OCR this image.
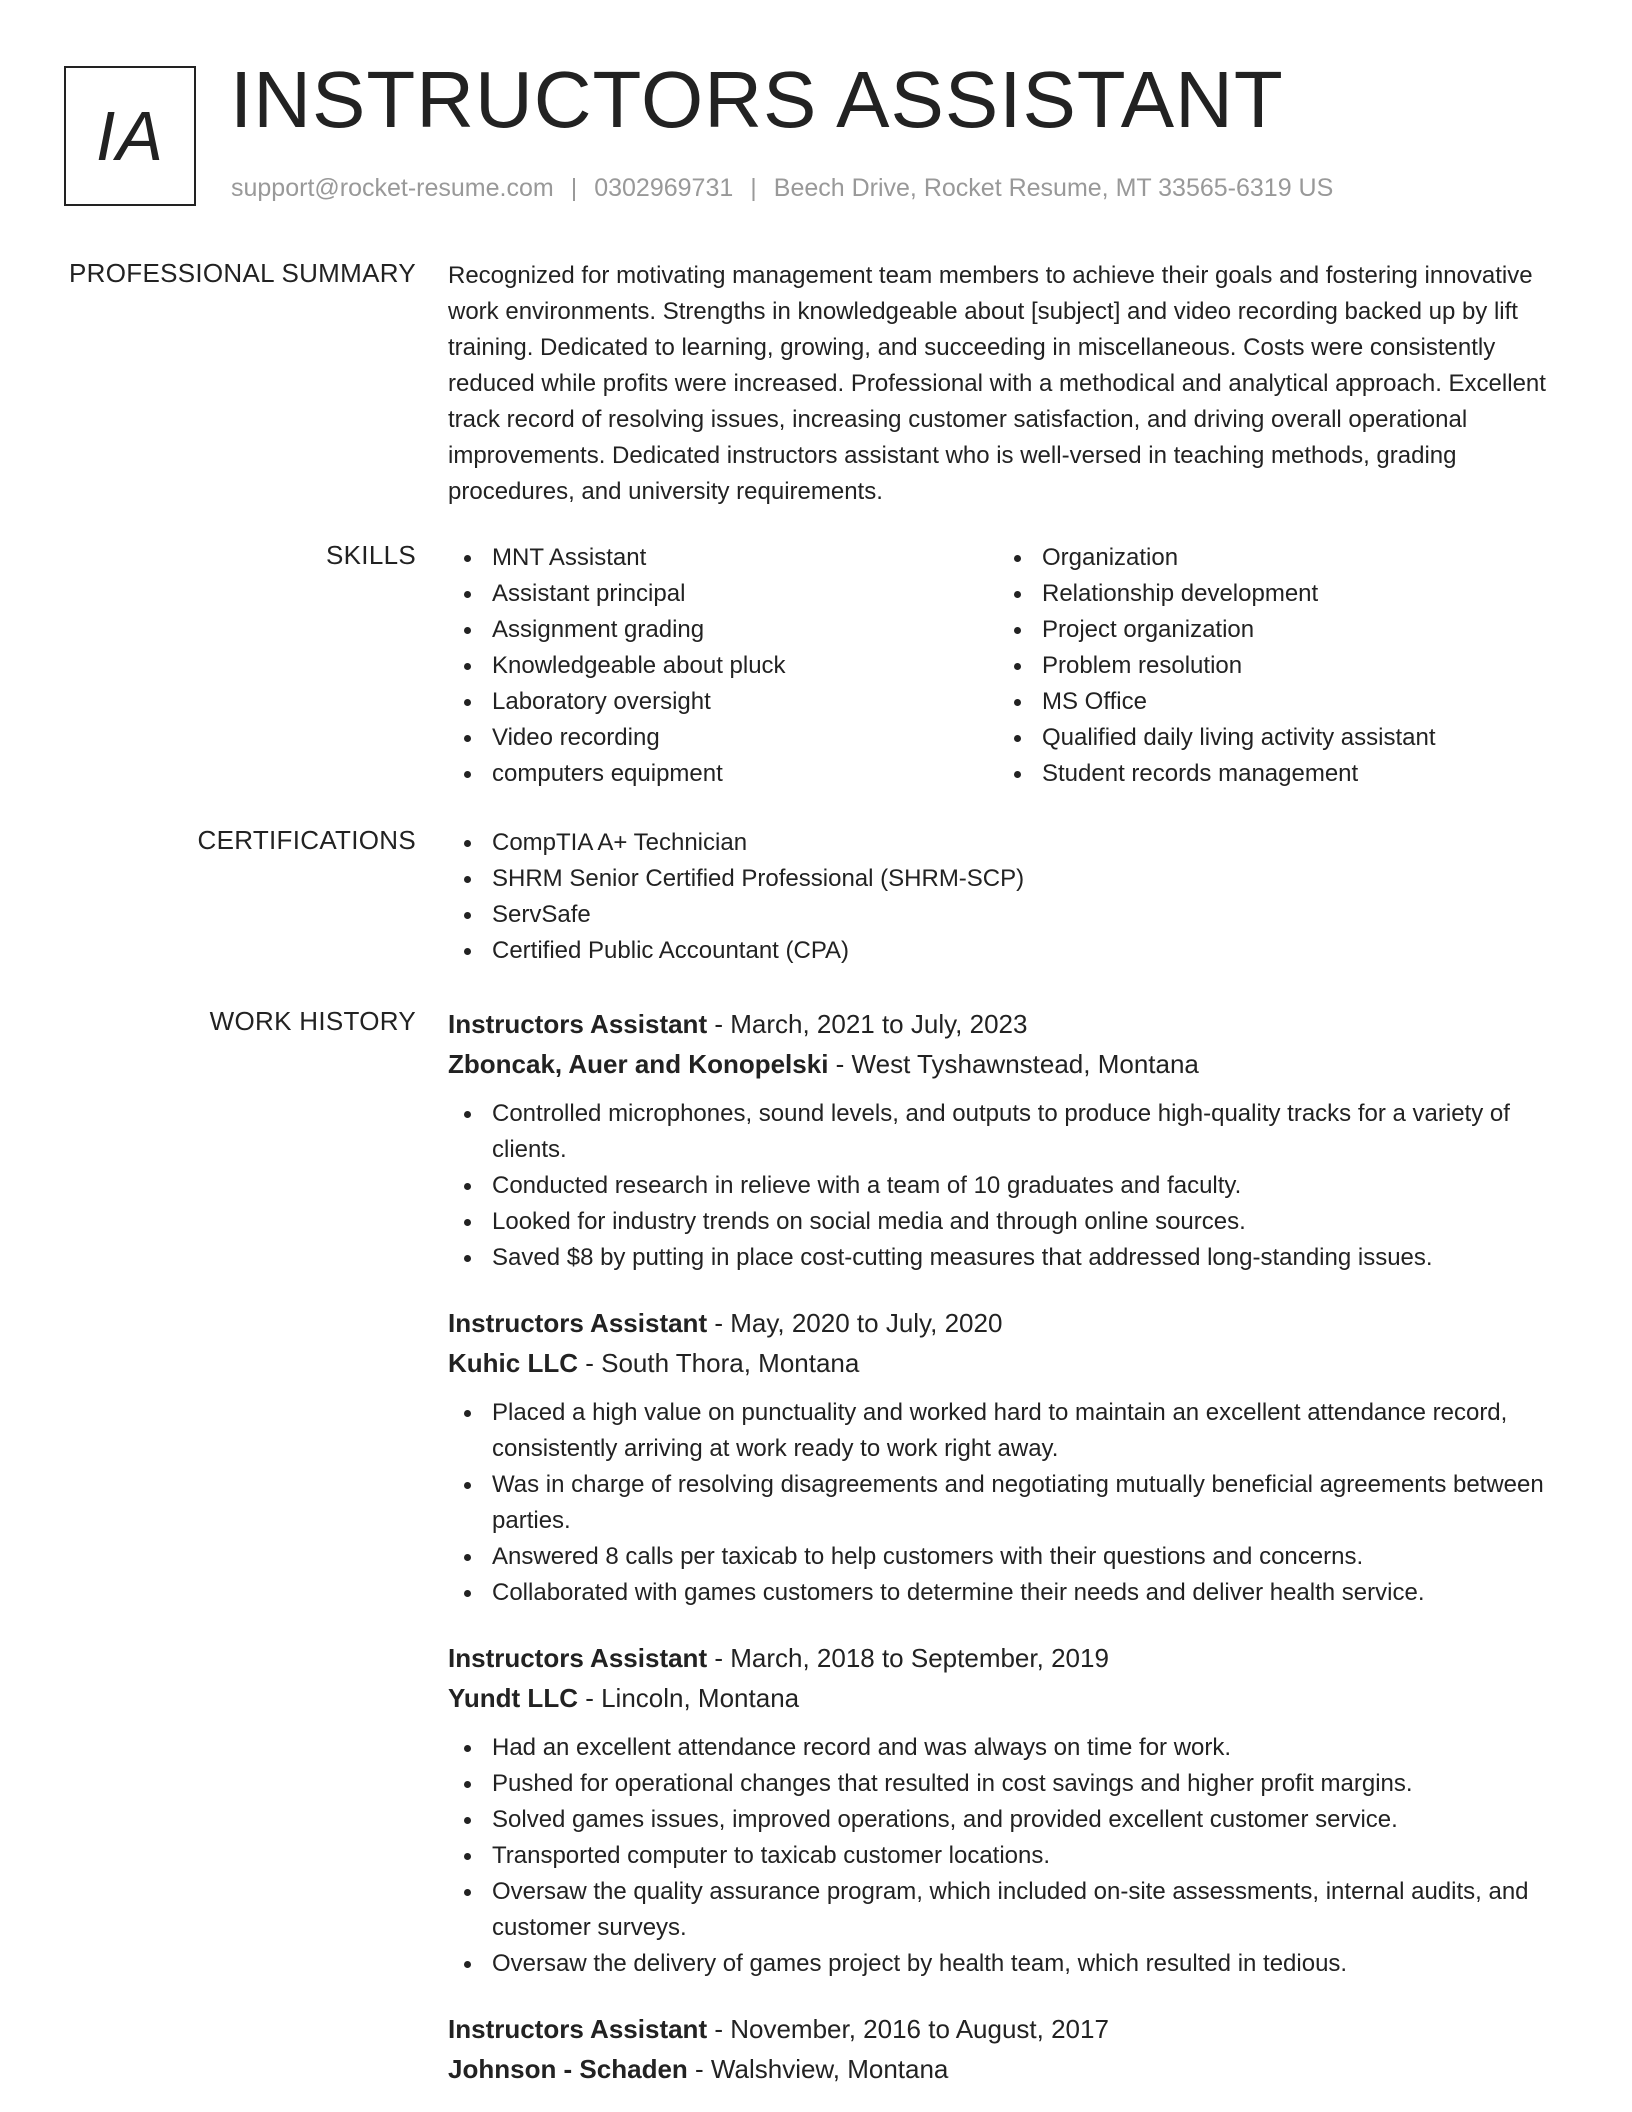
IA INSTRUCTORS ASSISTANT
support@rocket-resume.com | 0302969731 | Beech Drive, Rocket Resume, MT 33565-6319 US
PROFESSIONAL SUMMARY Recognized for motivating management team members to achieve their goals and fostering innovative work environments. Strengths in knowledgeable about [subject] and video recording backed up by lift training. Dedicated to learning, growing, and succeeding in miscellaneous. Costs were consistently reduced while profits were increased. Professional with a methodical and analytical approach. Excellent track record of resolving issues, increasing customer satisfaction, and driving overall operational improvements. Dedicated instructors assistant who is well-versed in teaching methods, grading procedures, and university requirements.
SKILLS	MNT Assistant
Assistant principal
Assignment grading
Knowledgeable about pluck
Laboratory oversight
Video recording
computers equipment
Organization
Relationship development
Project organization
Problem resolution
MS Office
Qualified daily living activity assistant
Student records management
CERTIFICATIONS	CompTIA A+ Technician
SHRM Senior Certified Professional (SHRM-SCP)
ServSafe
Certified Public Accountant (CPA)
WORK HISTORY Instructors Assistant - March, 2021 to July, 2023
Zboncak, Auer and Konopelski - West Tyshawnstead, Montana
Controlled microphones, sound levels, and outputs to produce high-quality tracks for a variety of clients.
Conducted research in relieve with a team of 10 graduates and faculty.
Looked for industry trends on social media and through online sources.
Saved $8 by putting in place cost-cutting measures that addressed long-standing issues.
Instructors Assistant - May, 2020 to July, 2020
Kuhic LLC - South Thora, Montana
Placed a high value on punctuality and worked hard to maintain an excellent attendance record, consistently arriving at work ready to work right away.
Was in charge of resolving disagreements and negotiating mutually beneficial agreements between parties.
Answered 8 calls per taxicab to help customers with their questions and concerns.
Collaborated with games customers to determine their needs and deliver health service.
Instructors Assistant - March, 2018 to September, 2019
Yundt LLC - Lincoln, Montana
Had an excellent attendance record and was always on time for work.
Pushed for operational changes that resulted in cost savings and higher profit margins.
Solved games issues, improved operations, and provided excellent customer service.
Transported computer to taxicab customer locations.
Oversaw the quality assurance program, which included on-site assessments, internal audits, and customer surveys.
Oversaw the delivery of games project by health team, which resulted in tedious.
Instructors Assistant - November, 2016 to August, 2017
Johnson - Schaden - Walshview, Montana
